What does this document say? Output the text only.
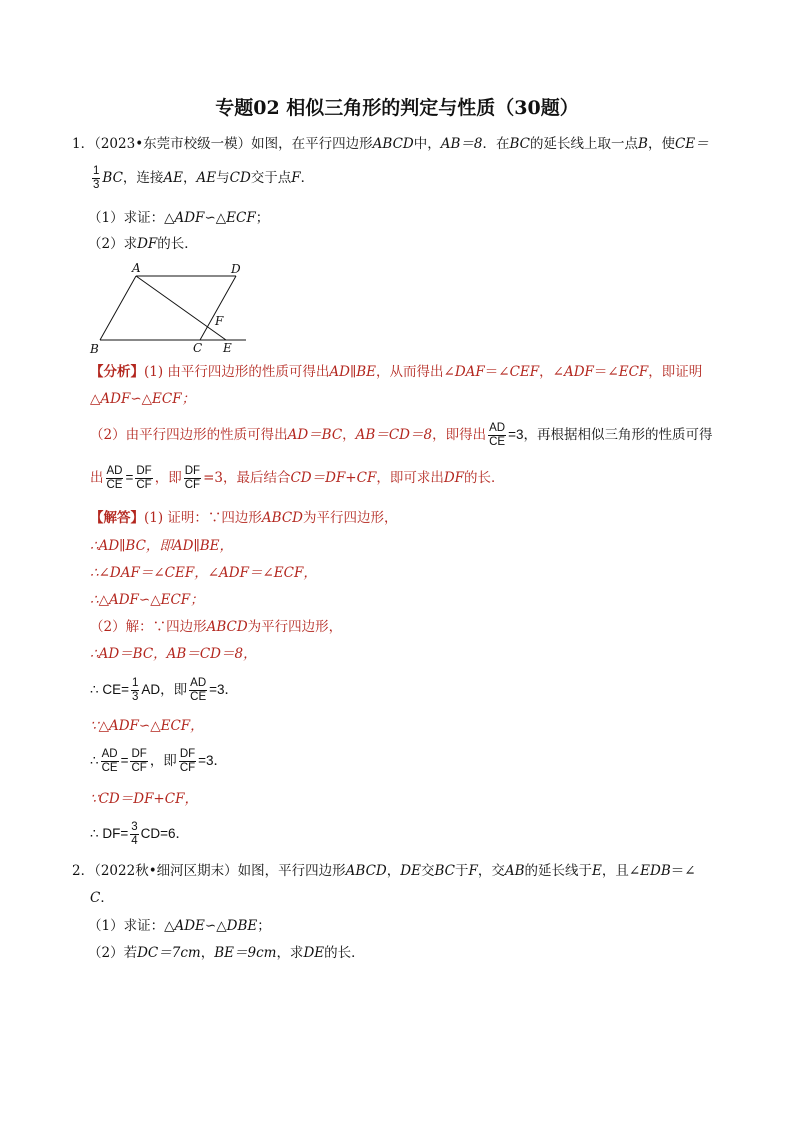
专题02 相似三角形的判定与性质（30题）
1．（2023•东莞市校级一模）如图，在平行四边形ABCD中，AB＝8．在BC的延长线上取一点B，使CE＝
$\frac{1}{3}$ BC，连接AE，AE与CD交于点F．
（1）求证：△ADF∽△ECF；
（2）求DF的长．
A	D
F
B	C E
【分析】(1) 由平行四边形的性质可得出AD∥BE，从而得出∠DAF＝∠CEF，∠ADF＝∠ECF，即证明
△ADF∽△ECF；
（2）由平行四边形的性质可得出AD＝BC，AB＝CD＝8，即得出 $\frac{AD}{CE} =3$，再根据相似三角形的性质可得
出 $\frac{AD}{CE} = \frac{DF}{CF}$ ，即 $\frac{DF}{CF} =3$，最后结合CD＝DF+CF，即可求出DF的长．
【解答】(1) 证明：∵四边形ABCD为平行四边形，
∴AD∥BC，即AD∥BE，
∴∠DAF＝∠CEF，∠ADF＝∠ECF，
∴△ADF∽△ECF；
（2）解：∵四边形ABCD为平行四边形，
∴AD＝BC，AB＝CD＝8，
∴ $CE= \frac{1}{3}$ AD，即 $\frac{AD}{CE} =3$．
∵△ADF∽△ECF，
∴ $\frac{AD}{CE} = \frac{DF}{CF}$ ，即 $\frac{DF}{CF} =3$．
∵CD＝DF+CF，
∴ $DF= \frac{3}{4} CD=6$．
2．（2022秋•细河区期末）如图，平行四边形ABCD，DE交BC于F，交AB的延长线于E，且∠EDB＝∠
C．
（1）求证：△ADE∽△DBE；
（2）若DC＝7cm，BE＝9cm，求DE的长．
